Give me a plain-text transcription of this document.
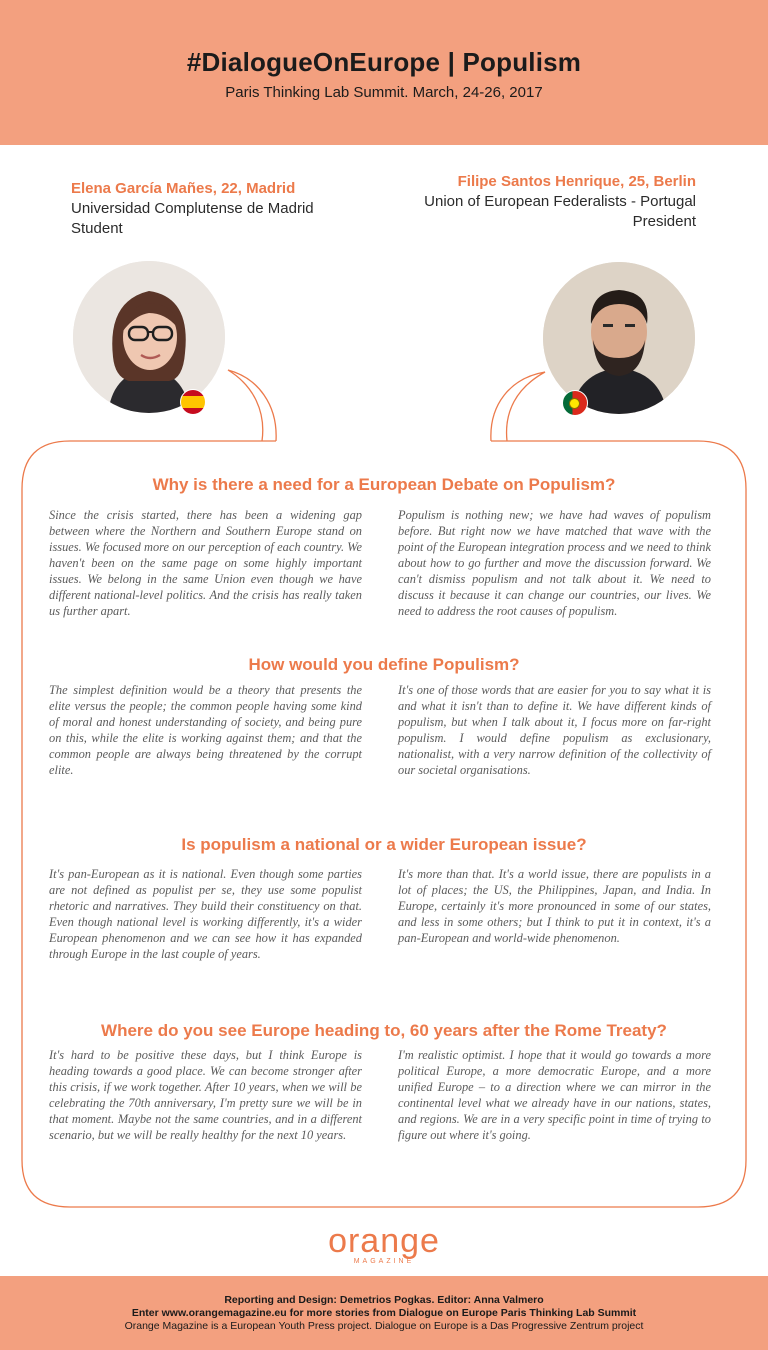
#DialogueOnEurope | Populism
Paris Thinking Lab Summit. March, 24-26, 2017
Elena García Mañes, 22, Madrid
Universidad Complutense de Madrid
Student
Filipe Santos Henrique, 25, Berlin
Union of European Federalists - Portugal
President
Why is there a need for a European Debate on Populism?

Since the crisis started, there has been a widening gap between where the Northern and Southern Europe stand on issues. We focused more on our perception of each country. We haven't been on the same page on some highly important issues. We belong in the same Union even though we have different national-level politics. And the crisis has really taken us further apart.

Populism is nothing new; we have had waves of populism before. But right now we have matched that wave with the point of the European integration process and we need to think about how to go further and move the discussion forward. We can't dismiss populism and not talk about it. We need to discuss it because it can change our countries, our lives. We need to address the root causes of populism.

How would you define Populism?

The simplest definition would be a theory that presents the elite versus the people; the common people having some kind of moral and honest understanding of society, and being pure on this, while the elite is working against them; and that the common people are always being threatened by the corrupt elite.

It's one of those words that are easier for you to say what it is and what it isn't than to define it. We have different kinds of populism, but when I talk about it, I focus more on far-right populism. I would define populism as exclusionary, nationalist, with a very narrow definition of the collectivity of our societal organisations.

Is populism a national or a wider European issue?

It's pan-European as it is national. Even though some parties are not defined as populist per se, they use some populist rhetoric and narratives. They build their constituency on that. Even though national level is working differently, it's a wider European phenomenon and we can see how it has expanded through Europe in the last couple of years.

It's more than that. It's a world issue, there are populists in a lot of places; the US, the Philippines, Japan, and India. In Europe, certainly it's more pronounced in some of our states, and less in some others; but I think to put it in context, it's a pan-European and world-wide phenomenon.

Where do you see Europe heading to, 60 years after the Rome Treaty?

It's hard to be positive these days, but I think Europe is heading towards a good place. We can become stronger after this crisis, if we work together. After 10 years, when we will be celebrating the 70th anniversary, I'm pretty sure we will be in that moment. Maybe not the same countries, and in a different scenario, but we will be really healthy for the next 10 years.

I'm realistic optimist. I hope that it would go towards a more political Europe, a more democratic Europe, and a more unified Europe – to a direction where we can mirror in the continental level what we already have in our nations, states, and regions. We are in a very specific point in time of trying to figure out where it's going.

orange
MAGAZINE
Reporting and Design: Demetrios Pogkas. Editor: Anna Valmero
Enter www.orangemagazine.eu for more stories from Dialogue on Europe Paris Thinking Lab Summit
Orange Magazine is a European Youth Press project. Dialogue on Europe is a Das Progressive Zentrum project
